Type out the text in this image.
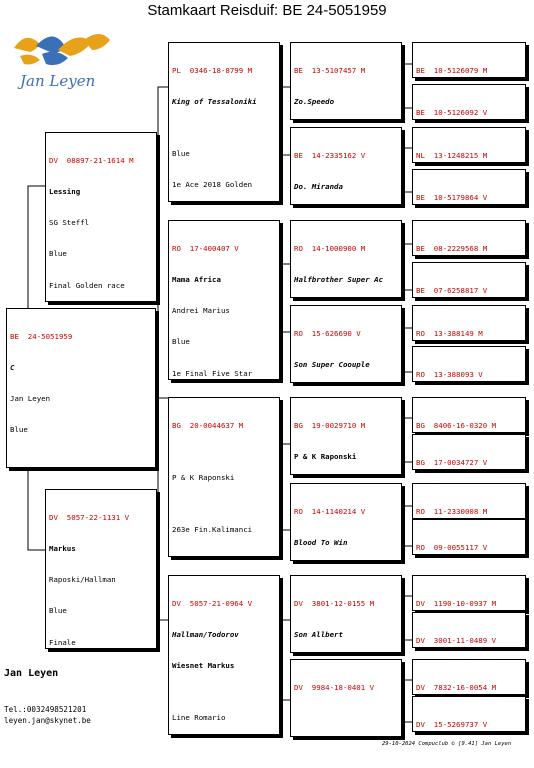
Stamkaart Reisduif: BE 24-5051959
Jan Leyen

BE  24-5051959

C

Jan Leyen

Blue

DV  08897-21-1614 M

Lessing

SG Steffl

Blue

Final Golden race

DV  5057-22-1131 V

Markus

Raposki/Hallman

Blue

Finale

PL  0346-18-8799 M

King of Tessaloniki

Blue

1e Ace 2018 Golden

RO  17-400407 V

Mama Africa

Andrei Marius

Blue

1e Final Five Star

BG  20-0044637 M

P & K Raponski

263e Fin.Kalimanci

DV  5057-21-0964 V

Hallman/Todorov

Wiesnet Markus

Line Romario

BE  13-5107457 M

Zo.Speedo

BE  14-2335162 V

Do. Miranda

RO  14-1000900 M

Halfbrother Super Ac

RO  15-626690 V

Son Super Coouple

BG  19-0029710 M

P & K Raponski

RO  14-1140214 V

Blood To Win

DV  3801-12-0155 M

Son Allbert

DV  9984-18-0401 V

BE  10-5126079 M

BE  10-5126092 V

NL  13-1248215 M

BE  10-5179864 V

BE  08-2229568 M

BE  07-6258817 V

RO  13-388149 M

RO  13-388093 V

BG  8406-16-0320 M

BG  17-0034727 V

RO  11-2330008 M

RO  09-0055117 V

DV  1190-10-0937 M

DV  3001-11-0489 V

DV  7832-16-0054 M

DV  15-5269737 V

Jan Leyen
Tel.:0032498521201
leyen.jan@skynet.be
29-10-2024 Compuclub © [9.41] Jan Leyen
